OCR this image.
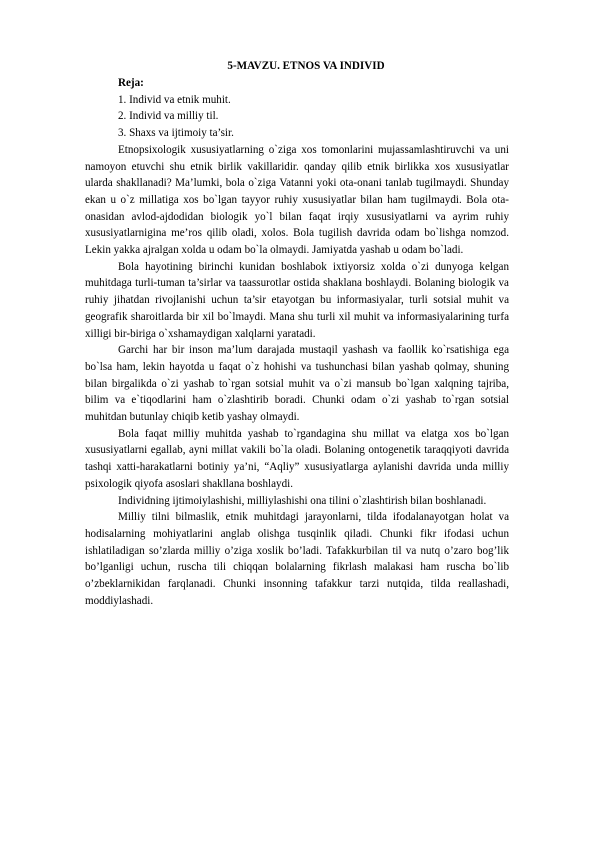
5-MAVZU. ETNOS VA INDIVID

Reja:

1. Individ va etnik muhit.

2. Individ va milliy til.

3. Shaxs va ijtimoiy ta’sir.

Etnopsixologik xususiyatlarning o`ziga xos tomonlarini mujassamlashtiruvchi va uni namoyon etuvchi shu etnik birlik vakillaridir. qanday qilib etnik birlikka xos xususiyatlar ularda shakllanadi? Ma’lumki, bola o`ziga Vatanni yoki ota-onani tanlab tugilmaydi. Shunday ekan u o`z millatiga xos bo`lgan tayyor ruhiy xususiyatlar bilan ham tugilmaydi. Bola ota-onasidan avlod-ajdodidan biologik yo`l bilan faqat irqiy xususiyatlarni va ayrim ruhiy xususiyatlarnigina me’ros qilib oladi, xolos. Bola tugilish davrida odam bo`lishga nomzod. Lekin yakka ajralgan xolda u odam bo`la olmaydi. Jamiyatda yashab u odam bo`ladi.

Bola hayotining birinchi kunidan boshlabok ixtiyorsiz xolda o`zi dunyoga kelgan muhitdaga turli-tuman ta’sirlar va taassurotlar ostida shaklana boshlaydi. Bolaning biologik va ruhiy jihatdan rivojlanishi uchun ta’sir etayotgan bu informasiyalar, turli sotsial muhit va geografik sharoitlarda bir xil bo`lmaydi. Mana shu turli xil muhit va informasiyalarining turfa xilligi bir-biriga o`xshamaydigan xalqlarni yaratadi.

Garchi har bir inson ma’lum darajada mustaqil yashash va faollik ko`rsatishiga ega bo`lsa ham, lekin hayotda u faqat o`z hohishi va tushunchasi bilan yashab qolmay, shuning bilan birgalikda o`zi yashab to`rgan sotsial muhit va o`zi mansub bo`lgan xalqning tajriba, bilim va e`tiqodlarini ham o`zlashtirib boradi. Chunki odam o`zi yashab to`rgan sotsial muhitdan butunlay chiqib ketib yashay olmaydi.

Bola faqat milliy muhitda yashab to`rgandagina shu millat va elatga xos bo`lgan xususiyatlarni egallab, ayni millat vakili bo`la oladi. Bolaning ontogenetik taraqqiyoti davrida tashqi xatti-harakatlarni botiniy ya’ni, “Aqliy” xususiyatlarga aylanishi davrida unda milliy psixologik qiyofa asoslari shakllana boshlaydi.

Individning ijtimoiylashishi, milliylashishi ona tilini o`zlashtirish bilan boshlanadi.

Milliy tilni bilmaslik, etnik muhitdagi jarayonlarni, tilda ifodalanayotgan holat va hodisalarning mohiyatlarini anglab olishga tusqinlik qiladi. Chunki fikr ifodasi uchun ishlatiladigan so’zlarda milliy o’ziga xoslik bo’ladi. Tafakkurbilan til va nutq o’zaro bog’lik bo’lganligi uchun, ruscha tili chiqqan bolalarning fikrlash malakasi ham ruscha bo`lib o’zbeklarnikidan farqlanadi. Chunki insonning tafakkur tarzi nutqida, tilda reallashadi, moddiylashadi.
